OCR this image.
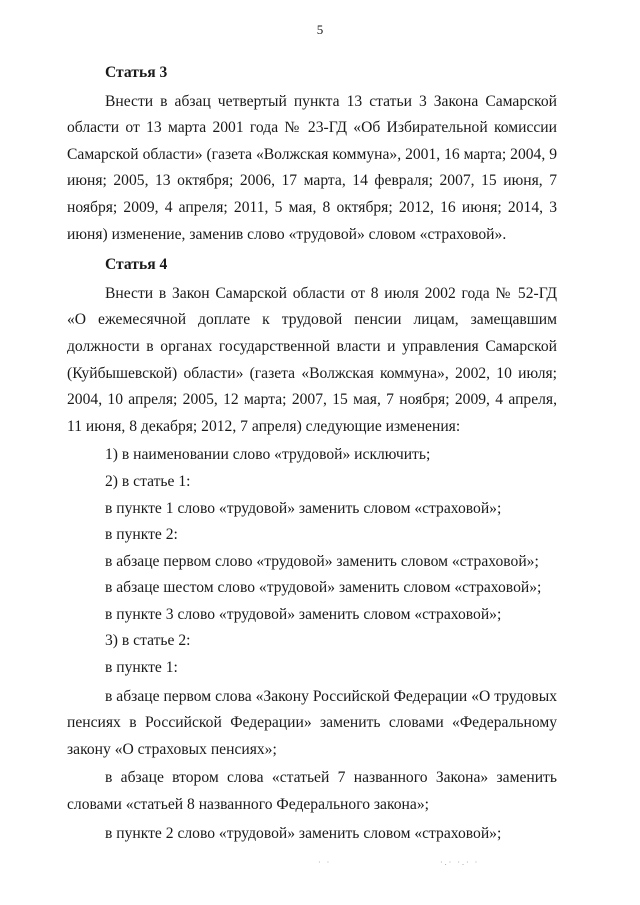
5

Статья 3

Внести в абзац четвертый пункта 13 статьи 3 Закона Самарской области от 13 марта 2001 года № 23-ГД «Об Избирательной комиссии Самарской области» (газета «Волжская коммуна», 2001, 16 марта; 2004, 9 июня; 2005, 13 октября; 2006, 17 марта, 14 февраля; 2007, 15 июня, 7 ноября; 2009, 4 апреля; 2011, 5 мая, 8 октября; 2012, 16 июня; 2014, 3 июня) изменение, заменив слово «трудовой» словом «страховой».

Статья 4

Внести в Закон Самарской области от 8 июля 2002 года № 52-ГД «О ежемесячной доплате к трудовой пенсии лицам, замещавшим должности в органах государственной власти и управления Самарской (Куйбышевской) области» (газета «Волжская коммуна», 2002, 10 июля; 2004, 10 апреля; 2005, 12 марта; 2007, 15 мая, 7 ноября; 2009, 4 апреля, 11 июня, 8 декабря; 2012, 7 апреля) следующие изменения:

1) в наименовании слово «трудовой» исключить;

2) в статье 1:

в пункте 1 слово «трудовой» заменить словом «страховой»;

в пункте 2:

в абзаце первом слово «трудовой» заменить словом «страховой»;

в абзаце шестом слово «трудовой» заменить словом «страховой»;

в пункте 3 слово «трудовой» заменить словом «страховой»;

3) в статье 2:

в пункте 1:

в абзаце первом слова «Закону Российской Федерации «О трудовых пенсиях в Российской Федерации» заменить словами «Федеральному закону «О страховых пенсиях»;

в абзаце втором слова «статьей 7 названного Закона» заменить словами «статьей 8 названного Федерального закона»;

в пункте 2 слово «трудовой» заменить словом «страховой»;

· ·	·.· ·.· ·
